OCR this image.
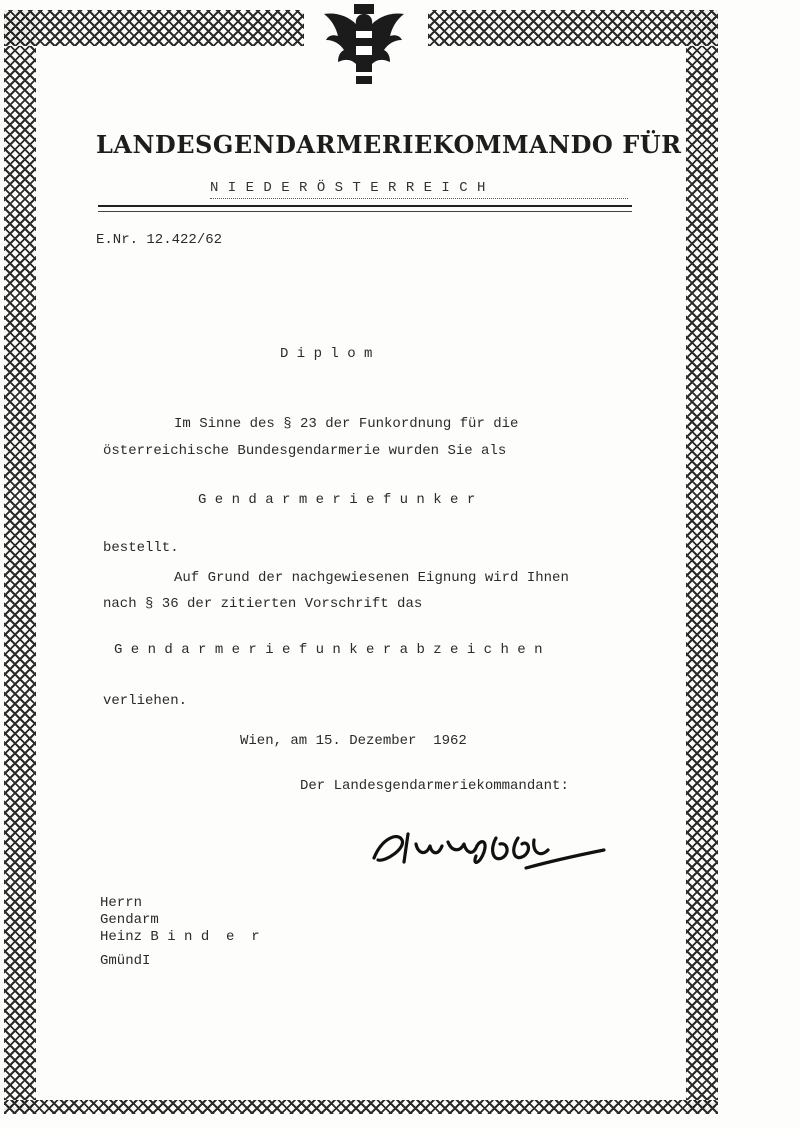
LANDESGENDARMERIEKOMMANDO FÜR
N I E D E R Ö S T E R R E I C H
E.Nr. 12.422/62
D i p l o m
Im Sinne des § 23 der Funkordnung für die
österreichische Bundesgendarmerie wurden Sie als
G e n d a r m e r i e f u n k e r
bestellt.
Auf Grund der nachgewiesenen Eignung wird Ihnen
nach § 36 der zitierten Vorschrift das
G e n d a r m e r i e f u n k e r a b z e i c h e n
verliehen.
Wien, am 15. Dezember  1962
Der Landesgendarmeriekommandant:
Herrn
Gendarm
Heinz B i n d  e  r
GmündI
